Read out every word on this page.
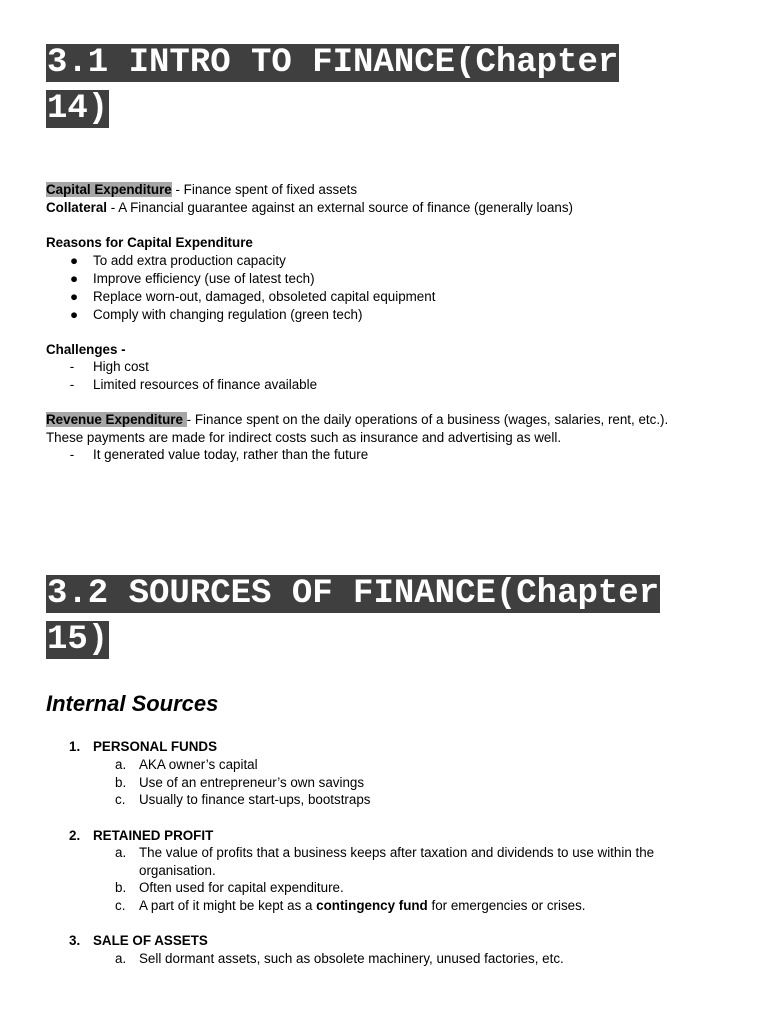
3.1 INTRO TO FINANCE(Chapter
14)
Capital Expenditure - Finance spent of fixed assets
Collateral - A Financial guarantee against an external source of finance (generally loans)
Reasons for Capital Expenditure
●	To add extra production capacity
●	Improve efficiency (use of latest tech)
●	Replace worn-out, damaged, obsoleted capital equipment
●	Comply with changing regulation (green tech)
Challenges -
-	High cost
-	Limited resources of finance available
Revenue Expenditure - Finance spent on the daily operations of a business (wages, salaries, rent, etc.).
These payments are made for indirect costs such as insurance and advertising as well.
-	It generated value today, rather than the future
3.2 SOURCES OF FINANCE(Chapter
15)
Internal Sources
1. PERSONAL FUNDS
a. AKA owner’s capital
b. Use of an entrepreneur’s own savings
c. Usually to finance start-ups, bootstraps
2. RETAINED PROFIT
a. The value of profits that a business keeps after taxation and dividends to use within the
organisation.
b. Often used for capital expenditure.
c. A part of it might be kept as a contingency fund for emergencies or crises.
3. SALE OF ASSETS
a. Sell dormant assets, such as obsolete machinery, unused factories, etc.
